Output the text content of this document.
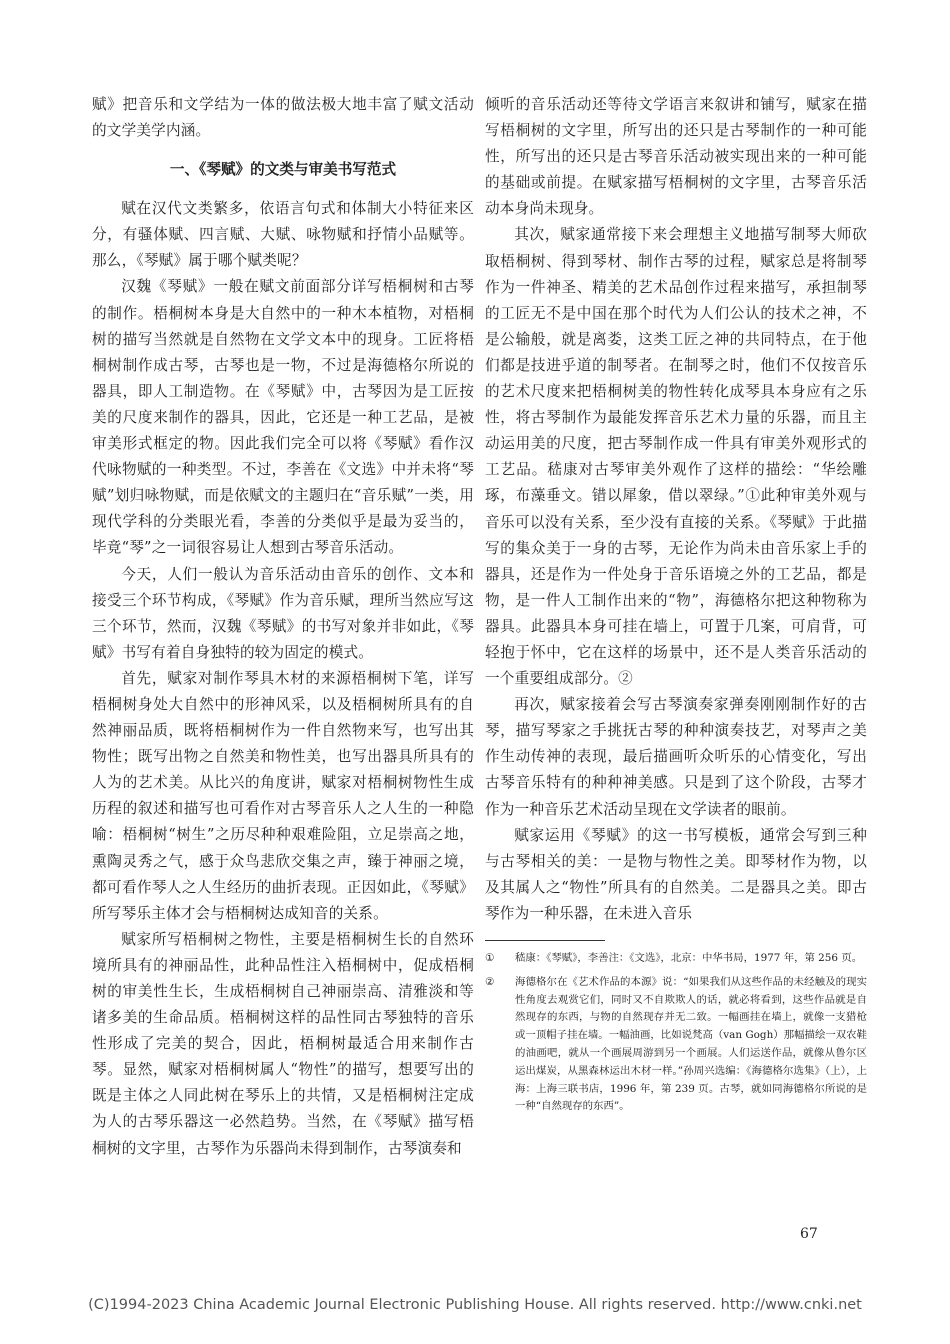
赋》把音乐和文学结为一体的做法极大地丰富了赋文活动的文学美学内涵。

一、《琴赋》的文类与审美书写范式

赋在汉代文类繁多，依语言句式和体制大小特征来区分，有骚体赋、四言赋、大赋、咏物赋和抒情小品赋等。那么，《琴赋》属于哪个赋类呢？

汉魏《琴赋》一般在赋文前面部分详写梧桐树和古琴的制作。梧桐树本身是大自然中的一种木本植物，对梧桐树的描写当然就是自然物在文学文本中的现身。工匠将梧桐树制作成古琴，古琴也是一物，不过是海德格尔所说的器具，即人工制造物。在《琴赋》中，古琴因为是工匠按美的尺度来制作的器具，因此，它还是一种工艺品，是被审美形式框定的物。因此我们完全可以将《琴赋》看作汉代咏物赋的一种类型。不过，李善在《文选》中并未将“琴赋”划归咏物赋，而是依赋文的主题归在“音乐赋”一类，用现代学科的分类眼光看，李善的分类似乎是最为妥当的，毕竟“琴”之一词很容易让人想到古琴音乐活动。

今天，人们一般认为音乐活动由音乐的创作、文本和接受三个环节构成，《琴赋》作为音乐赋，理所当然应写这三个环节，然而，汉魏《琴赋》的书写对象并非如此，《琴赋》书写有着自身独特的较为固定的模式。

首先，赋家对制作琴具木材的来源梧桐树下笔，详写梧桐树身处大自然中的形神风采，以及梧桐树所具有的自然神丽品质，既将梧桐树作为一件自然物来写，也写出其物性；既写出物之自然美和物性美，也写出器具所具有的人为的艺术美。从比兴的角度讲，赋家对梧桐树物性生成历程的叙述和描写也可看作对古琴音乐人之人生的一种隐喻：梧桐树“树生”之历尽种种艰难险阻，立足崇高之地，熏陶灵秀之气，感于众鸟悲欣交集之声，臻于神丽之境，都可看作琴人之人生经历的曲折表现。正因如此，《琴赋》所写琴乐主体才会与梧桐树达成知音的关系。

赋家所写梧桐树之物性，主要是梧桐树生长的自然环境所具有的神丽品性，此种品性注入梧桐树中，促成梧桐树的审美性生长，生成梧桐树自己神丽崇高、清雅淡和等诸多美的生命品质。梧桐树这样的品性同古琴独特的音乐性形成了完美的契合，因此，梧桐树最适合用来制作古琴。显然，赋家对梧桐树属人“物性”的描写，想要写出的既是主体之人同此树在琴乐上的共情，又是梧桐树注定成为人的古琴乐器这一必然趋势。当然，在《琴赋》描写梧桐树的文字里，古琴作为乐器尚未得到制作，古琴演奏和

倾听的音乐活动还等待文学语言来叙讲和铺写，赋家在描写梧桐树的文字里，所写出的还只是古琴制作的一种可能性，所写出的还只是古琴音乐活动被实现出来的一种可能的基础或前提。在赋家描写梧桐树的文字里，古琴音乐活动本身尚未现身。

其次，赋家通常接下来会理想主义地描写制琴大师砍取梧桐树、得到琴材、制作古琴的过程，赋家总是将制琴作为一件神圣、精美的艺术品创作过程来描写，承担制琴的工匠无不是中国在那个时代为人们公认的技术之神，不是公输般，就是离娄，这类工匠之神的共同特点，在于他们都是技进乎道的制琴者。在制琴之时，他们不仅按音乐的艺术尺度来把梧桐树美的物性转化成琴具本身应有之乐性，将古琴制作为最能发挥音乐艺术力量的乐器，而且主动运用美的尺度，把古琴制作成一件具有审美外观形式的工艺品。嵇康对古琴审美外观作了这样的描绘：“华绘雕琢，布藻垂文。错以犀象，借以翠绿。”①此种审美外观与音乐可以没有关系，至少没有直接的关系。《琴赋》于此描写的集众美于一身的古琴，无论作为尚未由音乐家上手的器具，还是作为一件处身于音乐语境之外的工艺品，都是物，是一件人工制作出来的“物”，海德格尔把这种物称为器具。此器具本身可挂在墙上，可置于几案，可肩背，可轻抱于怀中，它在这样的场景中，还不是人类音乐活动的一个重要组成部分。②

再次，赋家接着会写古琴演奏家弹奏刚刚制作好的古琴，描写琴家之手挑抚古琴的种种演奏技艺，对琴声之美作生动传神的表现，最后描画听众听乐的心情变化，写出古琴音乐特有的种种神美感。只是到了这个阶段，古琴才作为一种音乐艺术活动呈现在文学读者的眼前。

赋家运用《琴赋》的这一书写模板，通常会写到三种与古琴相关的美：一是物与物性之美。即琴材作为物，以及其属人之“物性”所具有的自然美。二是器具之美。即古琴作为一种乐器，在未进入音乐

① 嵇康：《琴赋》，李善注：《文选》，北京：中华书局，1977 年，第 256 页。
② 海德格尔在《艺术作品的本源》说：“如果我们从这些作品的未经触及的现实性角度去观赏它们，同时又不自欺欺人的话，就必将看到，这些作品就是自然现存的东西，与物的自然现存并无二致。一幅画挂在墙上，就像一支猎枪或一顶帽子挂在墙。一幅油画，比如说梵高（van Gogh）那幅描绘一双农鞋的油画吧，就从一个画展周游到另一个画展。人们运送作品，就像从鲁尔区运出煤炭，从黑森林运出木材一样。”孙周兴选编：《海德格尔选集》（上），上海：上海三联书店，1996 年，第 239 页。古琴，就如同海德格尔所说的是一种“自然现存的东西”。
67
(C)1994-2023 China Academic Journal Electronic Publishing House. All rights reserved. http://www.cnki.net
